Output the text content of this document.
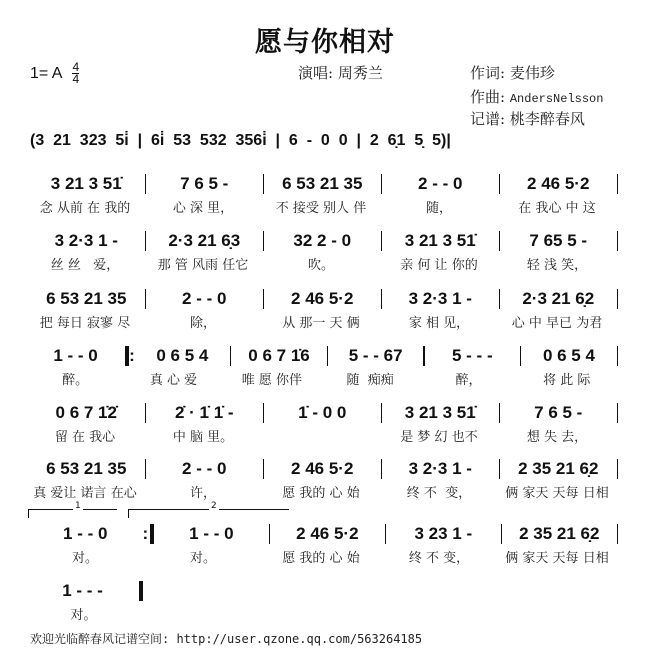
愿与你相对
1= A 4
4	演唱: 周秀兰	作词: 麦伟珍
作曲: AndersNelsson
记谱: 桃李醉春风
(3  21  323  5i̇  |  6i̇  53  532  356i̇  |  6  -  0  0  |  2  6̣1  5̣  5)|
3 21 3 51̇	7 6 5 -	6 53 21 35	2 - - 0	2 46 5·2
念 从前 在 我的	心 深 里，	不 接受 别人 伴	随，	在 我心 中 这
3 2·3 1 -	2·3 21 6̣3	32 2 - 0	3 21 3 51̇	7 65 5 -
丝 丝   爱，	那 管 风雨 任它	吹。	亲 何 让 你的	轻 浅 笑，
6 53 21 35	2 - - 0	2 46 5·2	3 2·3 1 -	2·3 21 6̣2
把 每日 寂寥 尽	除，	从 那一 天 俩	家 相 见，	心 中 早已 为君
1 - - 0	:	0 6 5 4	0 6 7 1̇6	5 - - 67	5 - - -	0 6 5 4
醉。	真 心 爱	唯 愿 你伴	随  痴痴	醉，	将 此 际
0 6 7 1̇2̇	2̇ · 1̇ 1̇ -	1̇ - 0 0	3 21 3 51̇	7 6 5 -
留 在 我心	中 脑 里。	是 梦 幻 也不	想 失 去，
6 53 21 35	2 - - 0	2 46 5·2	3 2·3 1 -	2 35 21 6̣2
真 爱让 诺言 在心	许，	愿 我的 心 始	终 不  变，	俩 家天 天每 日相
1 - - 0	:	1 - - 0	2 46 5·2	3 23 1 -	2 35 21 6̣2
对。	对。	愿 我的 心 始	终 不 变，	俩 家天 天每 日相
1	2
1 - - -
对。
欢迎光临醉春风记谱空间: http://user.qzone.qq.com/563264185
